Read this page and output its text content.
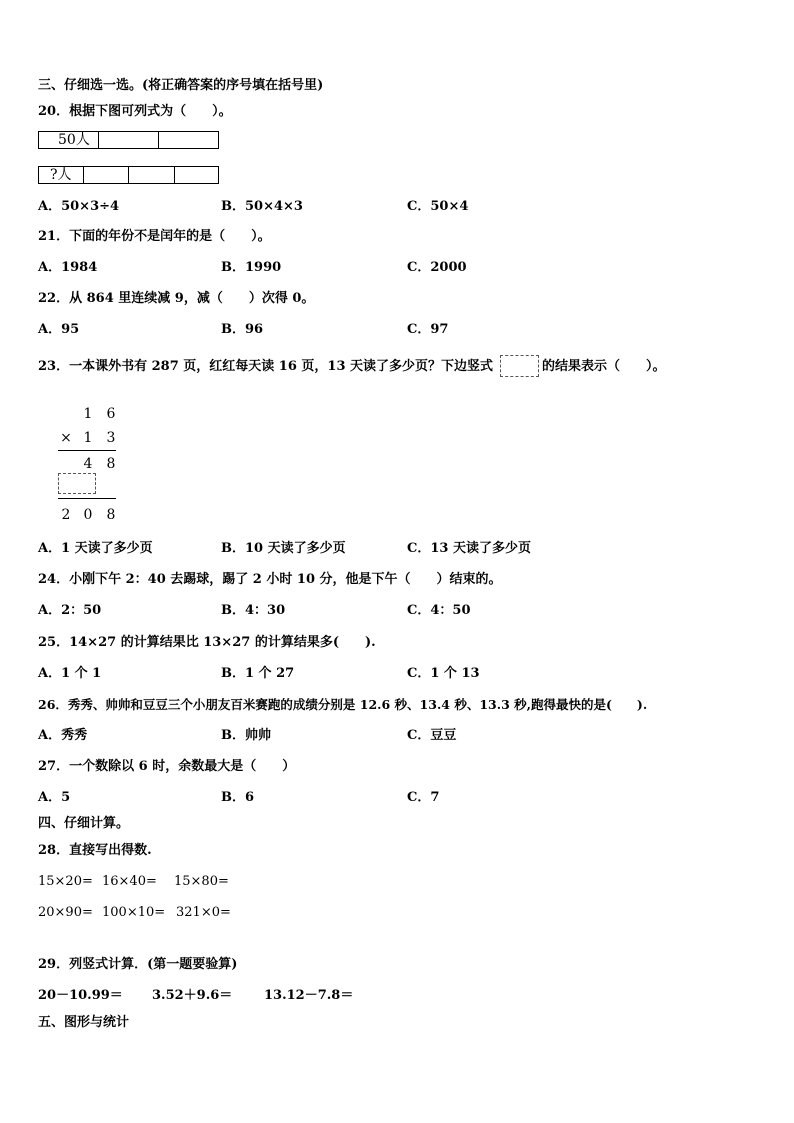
三、仔细选一选。(将正确答案的序号填在括号里)
20．根据下图可列式为（　　）。
50人
?人
A．50×3÷4	B．50×4×3	C．50×4
21．下面的年份不是闰年的是（　　）。
A．1984	B．1990	C．2000
22．从 864 里连续减 9，减（　　）次得 0。
A．95	B．96	C．97
23．一本课外书有 287 页，红红每天读 16 页，13 天读了多少页？下边竖式	的结果表示（　　）。
1 6
× 1 3
4 8
2 0 8
A．1 天读了多少页	B．10 天读了多少页	C．13 天读了多少页
24．小刚下午 2：40 去踢球，踢了 2 小时 10 分，他是下午（　　）结束的。
A．2：50	B．4：30	C．4：50
25．14×27 的计算结果比 13×27 的计算结果多(　　).
A．1 个 1	B．1 个 27	C．1 个 13
26．秀秀、帅帅和豆豆三个小朋友百米赛跑的成绩分别是 12.6 秒、13.4 秒、13.3 秒,跑得最快的是(　　).
A．秀秀	B．帅帅	C．豆豆
27．一个数除以 6 时，余数最大是（　　）
A．5	B．6	C．7
四、仔细计算。
28．直接写出得数.
15×20= 16×40= 15×80=
20×90= 100×10= 321×0=
29．列竖式计算．(第一题要验算)
20－10.99＝ 3.52＋9.6＝ 13.12－7.8＝
五、图形与统计
